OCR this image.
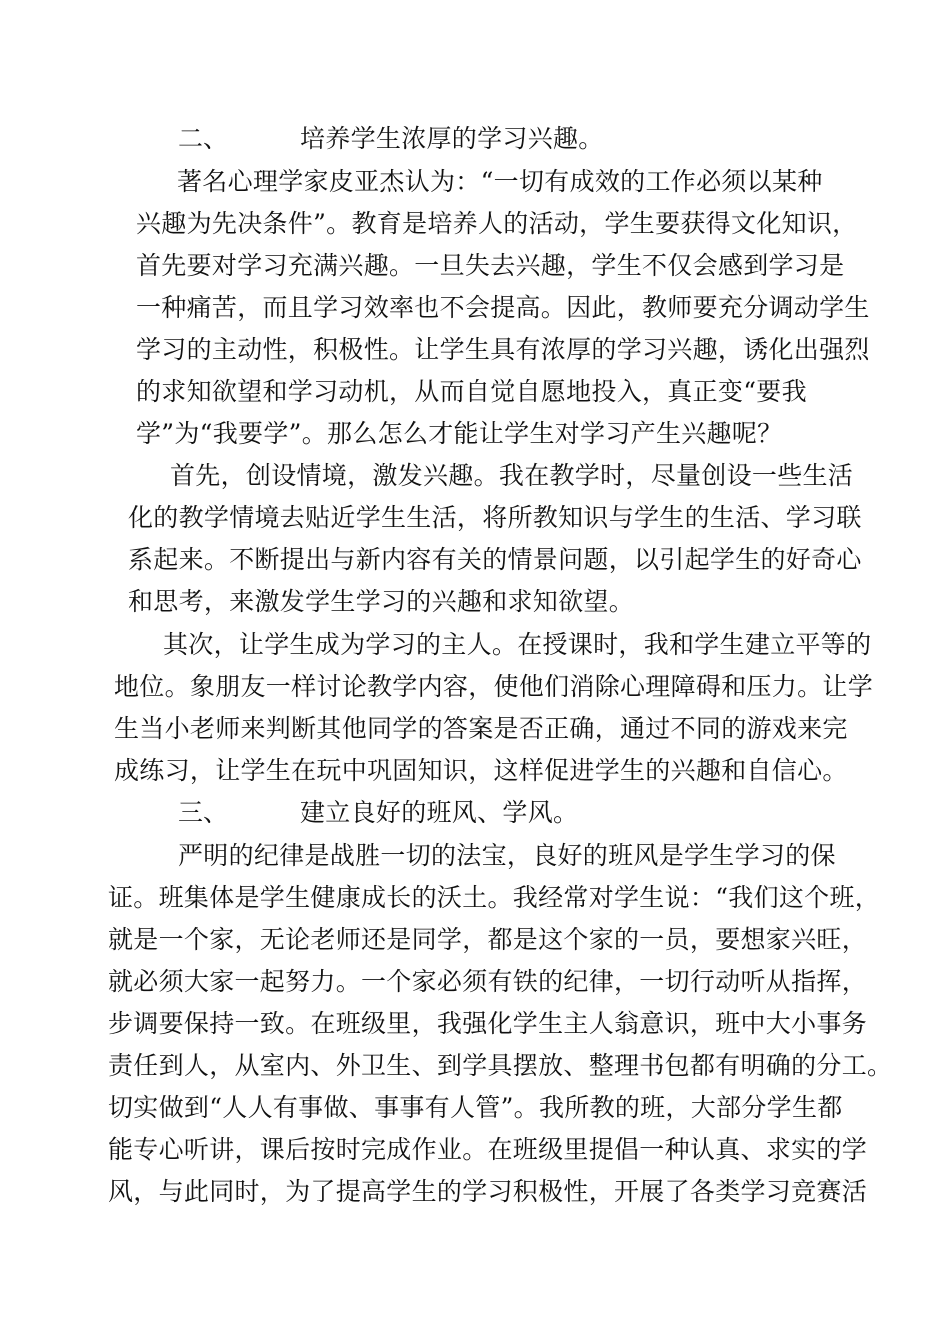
二、	培养学生浓厚的学习兴趣。
著名心理学家皮亚杰认为：“一切有成效的工作必须以某种
兴趣为先决条件”。教育是培养人的活动，学生要获得文化知识，
首先要对学习充满兴趣。一旦失去兴趣，学生不仅会感到学习是
一种痛苦，而且学习效率也不会提高。因此，教师要充分调动学生
学习的主动性，积极性。让学生具有浓厚的学习兴趣，诱化出强烈
的求知欲望和学习动机，从而自觉自愿地投入，真正变“要我
学”为“我要学”。那么怎么才能让学生对学习产生兴趣呢？
首先，创设情境，激发兴趣。我在教学时，尽量创设一些生活
化的教学情境去贴近学生生活，将所教知识与学生的生活、学习联
系起来。不断提出与新内容有关的情景问题，以引起学生的好奇心
和思考，来激发学生学习的兴趣和求知欲望。
其次，让学生成为学习的主人。在授课时，我和学生建立平等的
地位。象朋友一样讨论教学内容，使他们消除心理障碍和压力。让学
生当小老师来判断其他同学的答案是否正确，通过不同的游戏来完
成练习，让学生在玩中巩固知识，这样促进学生的兴趣和自信心。
三、	建立良好的班风、学风。
严明的纪律是战胜一切的法宝，良好的班风是学生学习的保
证。班集体是学生健康成长的沃土。我经常对学生说：“我们这个班，
就是一个家，无论老师还是同学，都是这个家的一员，要想家兴旺，
就必须大家一起努力。一个家必须有铁的纪律，一切行动听从指挥，
步调要保持一致。在班级里，我强化学生主人翁意识，班中大小事务
责任到人，从室内、外卫生、到学具摆放、整理书包都有明确的分工。
切实做到“人人有事做、事事有人管”。我所教的班，大部分学生都
能专心听讲，课后按时完成作业。在班级里提倡一种认真、求实的学
风，与此同时，为了提高学生的学习积极性，开展了各类学习竞赛活
